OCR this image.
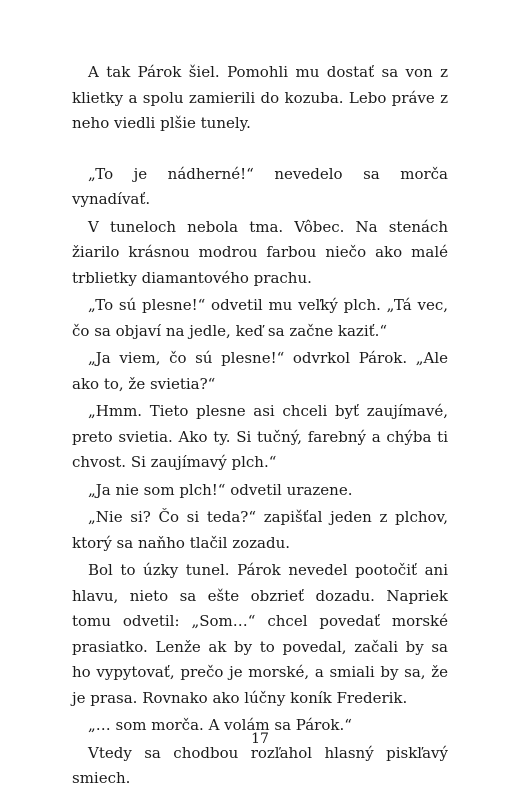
A tak Párok šiel. Pomohli mu dostať sa von z klietky a spolu zamierili do kozuba. Lebo práve z neho viedli plšie tunely.

„To je nádherné!“ nevedelo sa morča vynadívať.

V tuneloch nebola tma. Vôbec. Na stenách žiarilo krásnou modrou farbou niečo ako malé trblietky diamantového prachu.

„To sú plesne!“ odvetil mu veľký plch. „Tá vec, čo sa objaví na jedle, keď sa začne kaziť.“

„Ja viem, čo sú plesne!“ odvrkol Párok. „Ale ako to, že svietia?“

„Hmm. Tieto plesne asi chceli byť zaujímavé, preto svietia. Ako ty. Si tučný, farebný a chýba ti chvost. Si zaujímavý plch.“

„Ja nie som plch!“ odvetil urazene.

„Nie si? Čo si teda?“ zapišťal jeden z plchov, ktorý sa naňho tlačil zozadu.

Bol to úzky tunel. Párok nevedel pootočiť ani hlavu, nieto sa ešte obzrieť dozadu. Napriek tomu odvetil: „Som…“ chcel povedať morské prasiatko. Lenže ak by to povedal, začali by sa ho vypytovať, prečo je morské, a smiali by sa, že je prasa. Rovnako ako lúčny koník Frederik.

„… som morča. A volám sa Párok.“

Vtedy sa chodbou rozľahol hlasný piskľavý smiech.

17
